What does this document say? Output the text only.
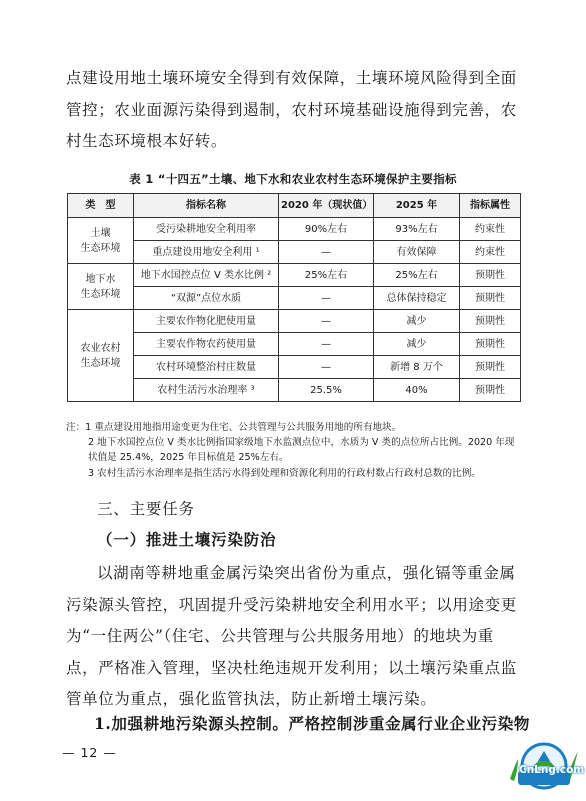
点建设用地土壤环境安全得到有效保障，土壤环境风险得到全面管控；农业面源污染得到遏制，农村环境基础设施得到完善，农村生态环境根本好转。

表 1 “十四五”土壤、地下水和农业农村生态环境保护主要指标
类　型	指标名称	2020 年（现状值）	2025 年	指标属性
土壤
生态环境	受污染耕地安全利用率	90%左右	93%左右	约束性
	重点建设用地安全利用 ¹	—	有效保障	约束性
地下水
生态环境	地下水国控点位 V 类水比例 ²	25%左右	25%左右	预期性
	“双源”点位水质	—	总体保持稳定	预期性
农业农村
生态环境	主要农作物化肥使用量	—	减少	预期性
	主要农作物农药使用量	—	减少	预期性
	农村环境整治村庄数量	—	新增 8 万个	预期性
	农村生活污水治理率 ³	25.5%	40%	预期性
注：1 重点建设用地指用途变更为住宅、公共管理与公共服务用地的所有地块。
2 地下水国控点位 V 类水比例指国家级地下水监测点位中，水质为 V 类的点位所占比例。2020 年现状值是 25.4%，2025 年目标值是 25%左右。
3 农村生活污水治理率是指生活污水得到处理和资源化利用的行政村数占行政村总数的比例。
三、主要任务
（一）推进土壤污染防治

以湖南等耕地重金属污染突出省份为重点，强化镉等重金属污染源头管控，巩固提升受污染耕地安全利用水平；以用途变更为“一住两公”（住宅、公共管理与公共服务用地）的地块为重点，严格准入管理，坚决杜绝违规开发利用；以土壤污染重点监管单位为重点，强化监管执法，防止新增土壤污染。

1.加强耕地污染源头控制。严格控制涉重金属行业企业污染物
— 12 —
CnLng.com
